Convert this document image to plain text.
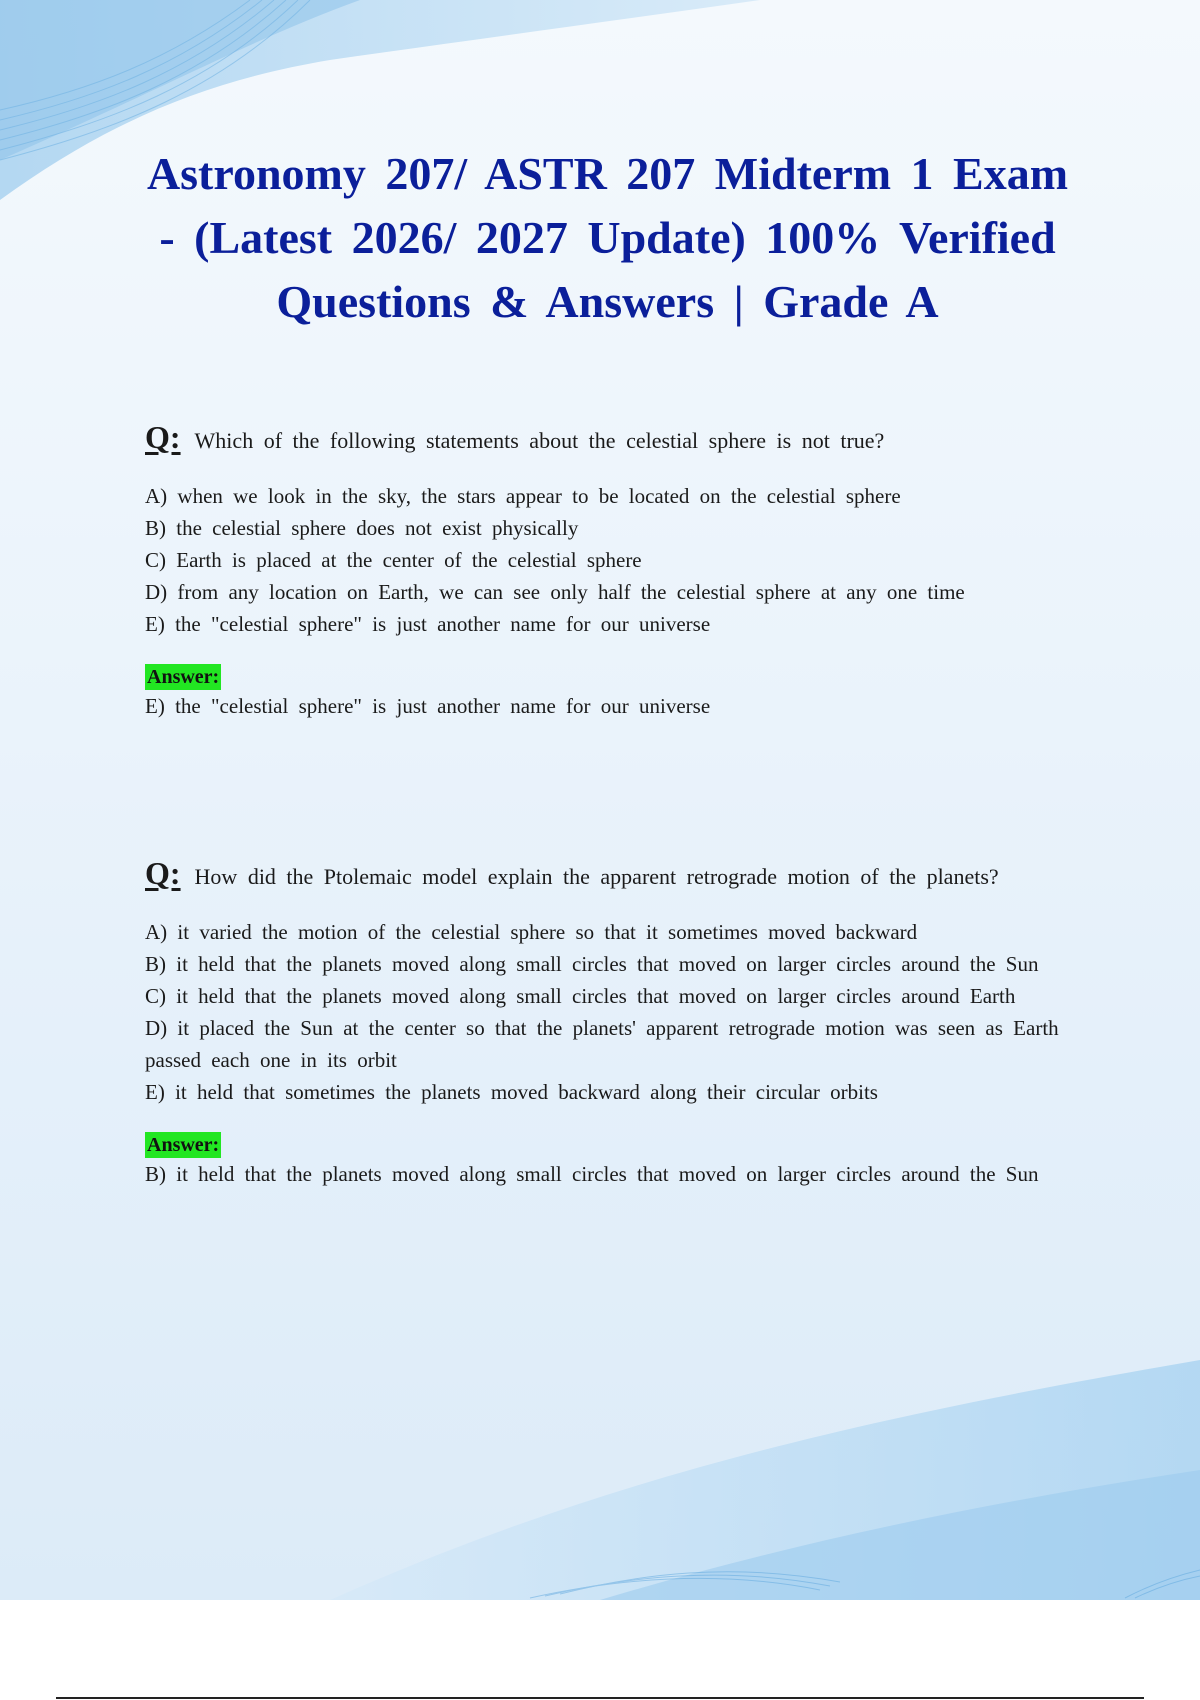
Astronomy 207/ ASTR 207 Midterm 1 Exam - (Latest 2026/ 2027 Update) 100% Verified Questions & Answers | Grade A

Q: Which of the following statements about the celestial sphere is not true?

A) when we look in the sky, the stars appear to be located on the celestial sphere
B) the celestial sphere does not exist physically
C) Earth is placed at the center of the celestial sphere
D) from any location on Earth, we can see only half the celestial sphere at any one time
E) the "celestial sphere" is just another name for our universe
Answer:

E) the "celestial sphere" is just another name for our universe

Q: How did the Ptolemaic model explain the apparent retrograde motion of the planets?

A) it varied the motion of the celestial sphere so that it sometimes moved backward
B) it held that the planets moved along small circles that moved on larger circles around the Sun
C) it held that the planets moved along small circles that moved on larger circles around Earth
D) it placed the Sun at the center so that the planets' apparent retrograde motion was seen as Earth passed each one in its orbit
E) it held that sometimes the planets moved backward along their circular orbits
Answer:

B) it held that the planets moved along small circles that moved on larger circles around the Sun
